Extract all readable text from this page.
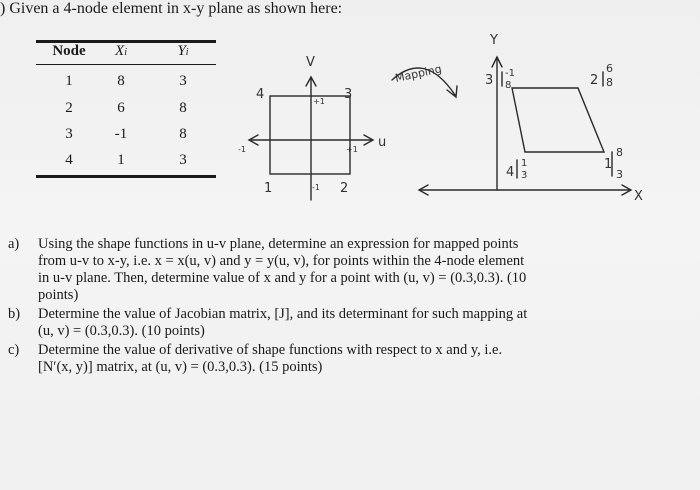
) Given a 4-node element in x-y plane as shown here:
Node	Xi	Yi
1	8	3
2	6	8
3	-1	8
4	1	3
V
u
4	3
1	2
+1
-1
+1
-1
Mapping
Y
X
3 -1
8	2
6
8
4
1
3
1
8
3
a) Using the shape functions in u-v plane, determine an expression for mapped points
from u-v to x-y, i.e. x = x(u, v) and y = y(u, v), for points within the 4-node element
in u-v plane. Then, determine value of x and y for a point with (u, v) = (0.3,0.3). (10
points)
b) Determine the value of Jacobian matrix, [J], and its determinant for such mapping at
(u, v) = (0.3,0.3). (10 points)
c) Determine the value of derivative of shape functions with respect to x and y, i.e.
[N′(x, y)] matrix, at (u, v) = (0.3,0.3). (15 points)
